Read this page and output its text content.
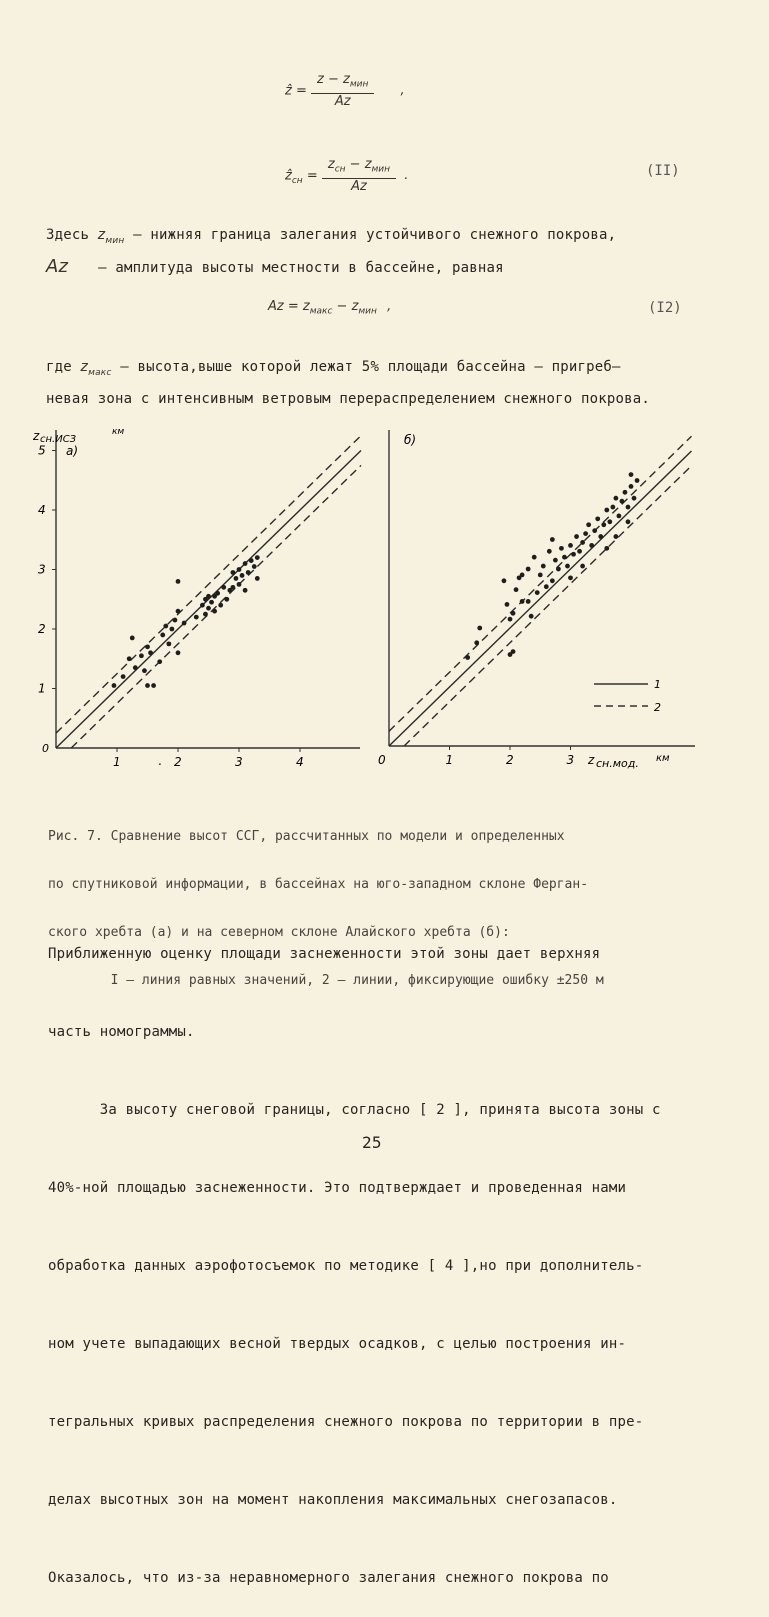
ẑ = $\frac{z - z_{мин}}{Az}$ ,
ẑ$_{сн}$ = $\frac{z_{сн} - z_{мин}}{Az}$ .	(II)
Здесь $z_{мин}$ – нижняя граница залегания устойчивого снежного покрова,
Az – амплитуда высоты местности в бассейне, равная
$Az = z_{макс} - z_{мин}$ ,	(I2)
где $z_{макс}$ – высота,выше которой лежат 5% площади бассейна – пригреб–
невая зона с интенсивным ветровым перераспределением снежного покрова.
z сн.ИСЗ
км
а)
0
.
1	2	3	4
1
2
3
4
5
б)
0	z сн.мод. км
1	2	3
1
2

Рис. 7. Сравнение высот ССГ, рассчитанных по модели и определенных

по спутниковой информации, в бассейнах на юго-западном склоне Ферган-

ского хребта (а) и на северном склоне Алайского хребта (б):

I – линия равных значений, 2 – линии, фиксирующие ошибку ±250 м

Приближенную оценку площади заснеженности этой зоны дает верхняя

часть номограммы.

За высоту снеговой границы, согласно [ 2 ], принята высота зоны с

40%-ной площадью заснеженности. Это подтверждает и проведенная нами

обработка данных аэрофотосъемок по методике [ 4 ],но при дополнитель-

ном учете выпадающих весной твердых осадков, с целью построения ин-

тегральных кривых распределения снежного покрова по территории в пре-

делах высотных зон на момент накопления максимальных снегозапасов.

Оказалось, что из-за неравномерного залегания снежного покрова по

25
